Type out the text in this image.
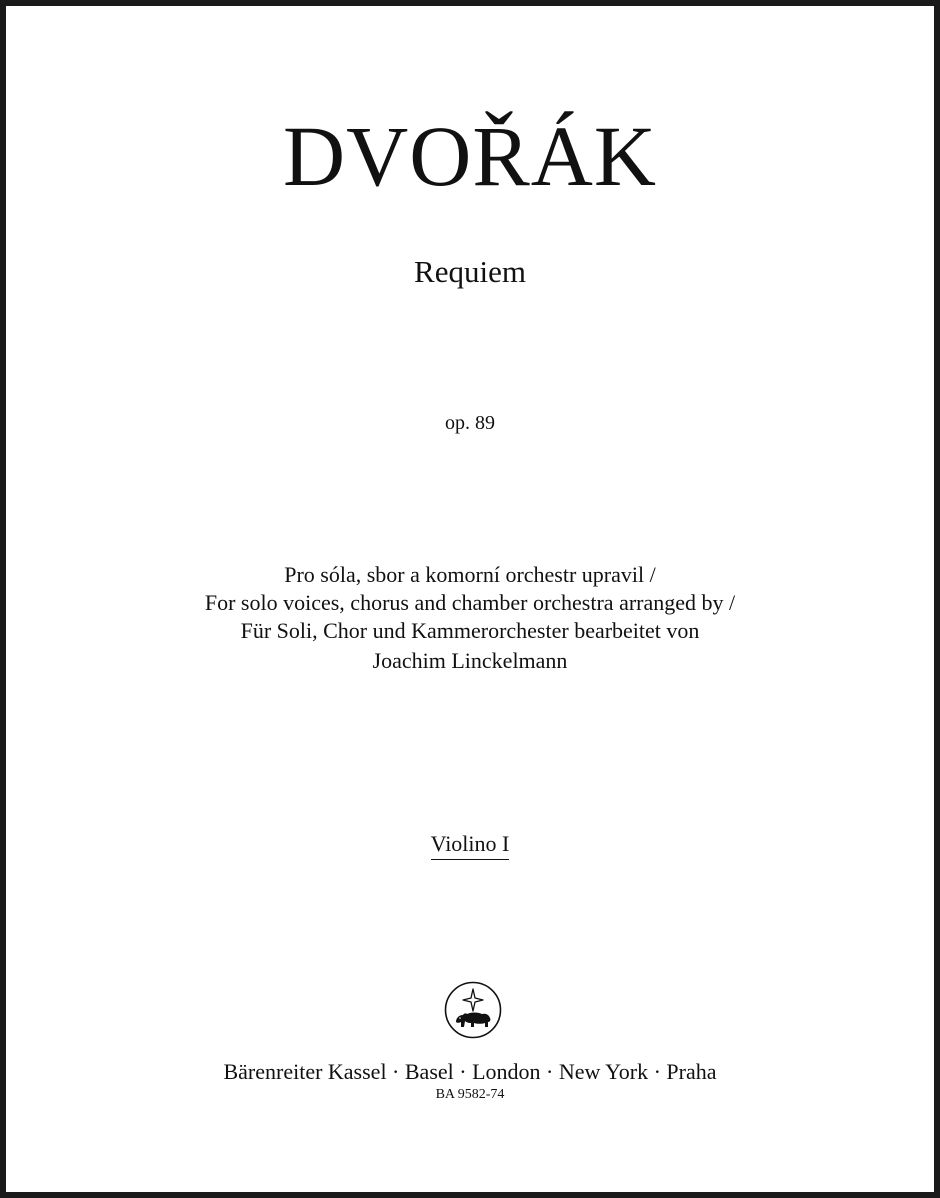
DVOŘÁK
Requiem
op. 89
Pro sóla, sbor a komorní orchestr upravil /
For solo voices, chorus and chamber orchestra arranged by /
Für Soli, Chor und Kammerorchester bearbeitet von
Joachim Linckelmann
Violino I
Bärenreiter Kassel · Basel · London · New York · Praha
BA 9582-74
